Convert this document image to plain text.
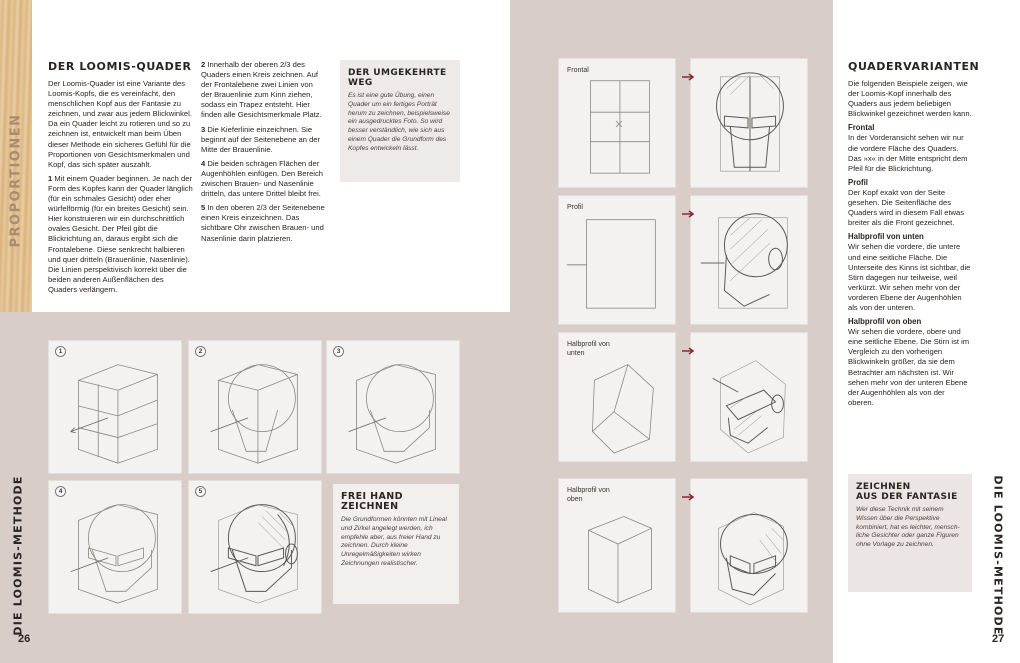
PROPORTIONEN
DIE LOOMIS-METHODE
26
DER LOOMIS-QUADER

Der Loomis-Quader ist eine Variante des Loomis-Kopfs, die es vereinfacht, den menschlichen Kopf aus der Fantasie zu zeichnen, und zwar aus jedem Blickwinkel. Da ein Quader leicht zu rotieren und so zu zeichnen ist, entwickelt man beim Üben dieser Methode ein sicheres Gefühl für die Proportionen von Gesichtsmerkmalen und Kopf, das sich später auszahlt.

1 Mit einem Quader beginnen. Je nach der Form des Kopfes kann der Quader länglich (für ein schmales Gesicht) oder eher würfelförmig (für ein breites Gesicht) sein. Hier konstruieren wir ein durchschnittlich ovales Gesicht. Der Pfeil gibt die Blickrichtung an, daraus ergibt sich die Frontalebene. Diese senkrecht halbieren und quer dritteln (Brauenlinie, Nasenlinie). Die Linien perspektivisch korrekt über die beiden anderen Außenflächen des Quaders verlängern.

2 Innerhalb der oberen 2/3 des Quaders einen Kreis zeichnen. Auf der Frontalebene zwei Linien von der Brauenlinie zum Kinn ziehen, sodass ein Trapez entsteht. Hier finden alle Gesichtsmerkmale Platz.

3 Die Kieferlinie einzeichnen. Sie beginnt auf der Seitenebene an der Mitte der Brauenlinie.

4 Die beiden schrägen Flächen der Augenhöhlen einfügen. Den Bereich zwischen Brauen- und Nasenlinie dritteln, das untere Drittel bleibt frei.

5 In den oberen 2/3 der Seitenebene einen Kreis einzeichnen. Das sichtbare Ohr zwischen Brauen- und Nasenlinie darin platzieren.

DER UMGEKEHRTE WEG

Es ist eine gute Übung, einen Quader um ein fertiges Porträt herum zu zeichnen, beispielsweise ein ausgedrucktes Foto. So wird besser verständlich, wie sich aus einem Quader die Grundform des Kopfes entwickeln lässt.

1	2	3
4	5	FREI HAND ZEICHNEN

Die Grundformen könnten mit Lineal und Zirkel angelegt werden, ich empfehle aber, aus freier Hand zu zeichnen. Durch kleine Unregelmäßigkeiten wirken Zeichnungen realistischer.

Frontal
Profil
Halbprofil von unten
Halbprofil von oben
QUADERVARIANTEN

Die folgenden Beispiele zeigen, wie der Loomis-Kopf innerhalb des Quaders aus jedem beliebigen Blickwinkel gezeichnet werden kann.

Frontal

In der Vorderansicht sehen wir nur die vordere Fläche des Quaders. Das »x« in der Mitte entspricht dem Pfeil für die Blickrichtung.

Profil

Der Kopf exakt von der Seite gesehen. Die Seitenfläche des Quaders wird in diesem Fall etwas breiter als die Front gezeichnet.

Halbprofil von unten

Wir sehen die vordere, die untere und eine seitliche Fläche. Die Unterseite des Kinns ist sichtbar, die Stirn dagegen nur teilweise, weil verkürzt. Wir sehen mehr von der vorderen Ebene der Augenhöhlen als von der unteren.

Halbprofil von oben

Wir sehen die vordere, obere und eine seitliche Ebene. Die Stirn ist im Vergleich zu den vorherigen Blickwinkeln größer, da sie dem Betrachter am nächsten ist. Wir sehen mehr von der unteren Ebene der Augenhöhlen als von der oberen.

ZEICHNEN
AUS DER FANTASIE

Wer diese Technik mit seinem Wissen über die Perspektive kombiniert, hat es leichter, menschliche Gesichter oder ganze Figuren ohne Vorlage zu zeichnen.	DIE LOOMIS-METHODE
27
